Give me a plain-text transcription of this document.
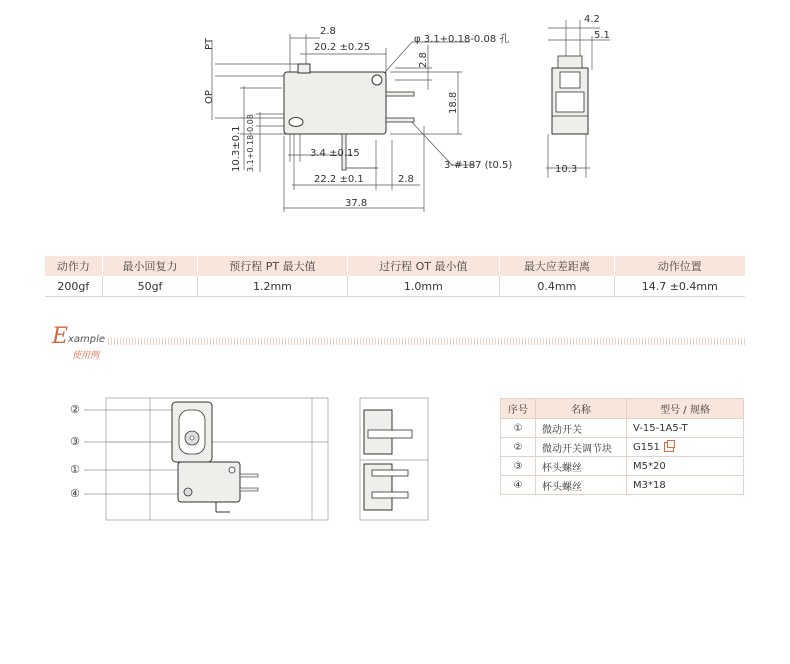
PT
OP
2.8
20.2 ±0.25
φ 3.1+0.18-0.08 孔
2.8
18.8
10.3±0.1 3.1+0.18-0.08	3.4 ±0.15
3-#187 (t0.5)
22.2 ±0.1	2.8
37.8
4.2
5.1
10.3
动作力	最小回复力	预行程 PT 最大值	过行程 OT 最小值	最大应差距离	动作位置
200gf	50gf	1.2mm	1.0mm	0.4mm	14.7 ±0.4mm
E xample
使用例
②
③
①
④
序号	名称	型号 / 规格
①	微动开关	V-15-1A5-T
②	微动开关调节块	G151
③	杯头螺丝	M5*20
④	杯头螺丝	M3*18
